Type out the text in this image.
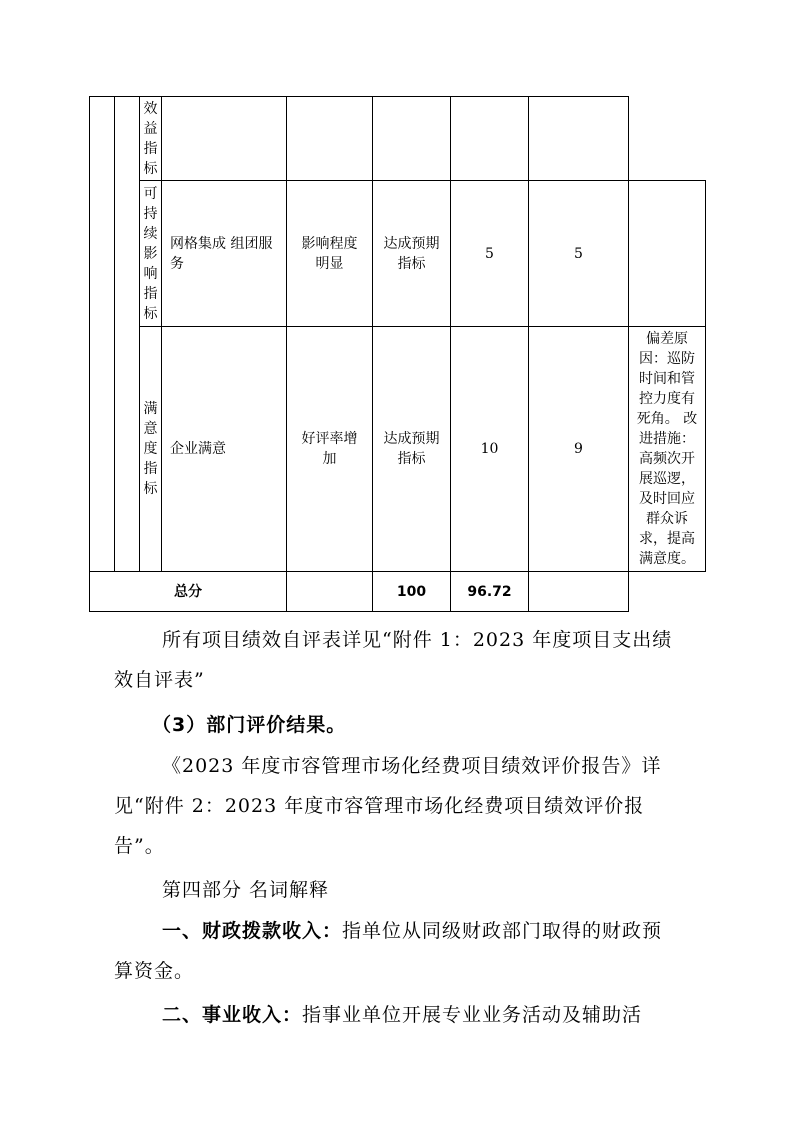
		效益指标						

		可持续影响指标	网格集成 组团服务	影响程度明显	达成预期指标	5	5	

		满意度指标	企业满意	好评率增加	达成预期指标	10	9	偏差原因：巡防时间和管控力度有死角。 改进措施：高频次开展巡逻，及时回应群众诉求，提高满意度。
总分					100	96.72		

所有项目绩效自评表详见“附件 1：2023 年度项目支出绩效自评表”

（3）部门评价结果。

《2023 年度市容管理市场化经费项目绩效评价报告》详见“附件 2：2023 年度市容管理市场化经费项目绩效评价报告”。

第四部分 名词解释

一、财政拨款收入：指单位从同级财政部门取得的财政预算资金。

二、事业收入：指事业单位开展专业业务活动及辅助活
